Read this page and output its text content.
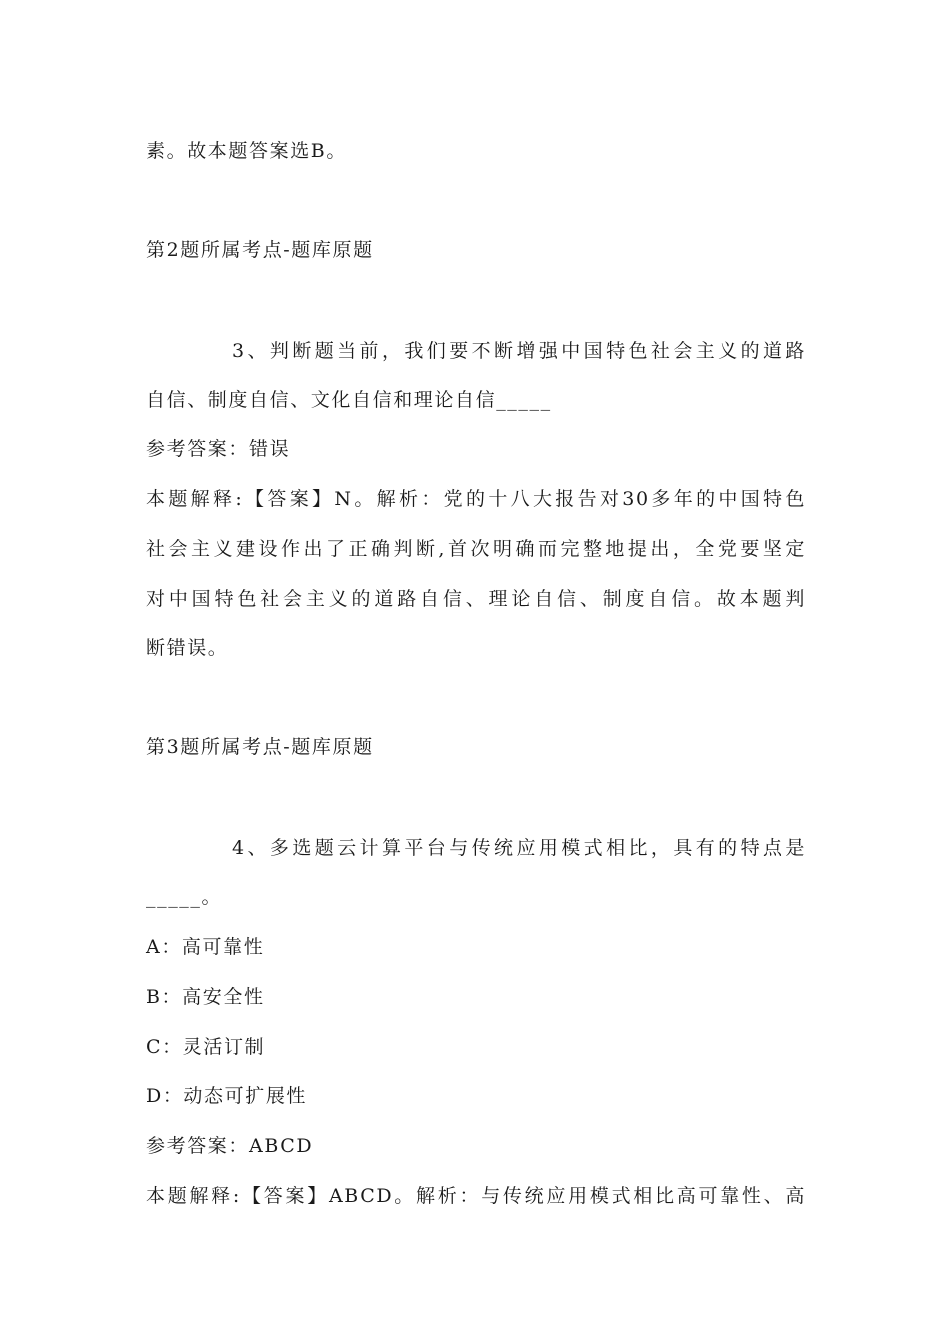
素。故本题答案选B。
第2题所属考点-题库原题
3、判断题当前，我们要不断增强中国特色社会主义的道路
自信、制度自信、文化自信和理论自信_____
参考答案：错误
本题解释:【答案】N。解析：党的十八大报告对30多年的中国特色
社会主义建设作出了正确判断,首次明确而完整地提出，全党要坚定
对中国特色社会主义的道路自信、理论自信、制度自信。故本题判
断错误。
第3题所属考点-题库原题
4、多选题云计算平台与传统应用模式相比，具有的特点是
_____。
A：高可靠性
B：高安全性
C：灵活订制
D：动态可扩展性
参考答案：ABCD
本题解释:【答案】ABCD。解析：与传统应用模式相比高可靠性、高
